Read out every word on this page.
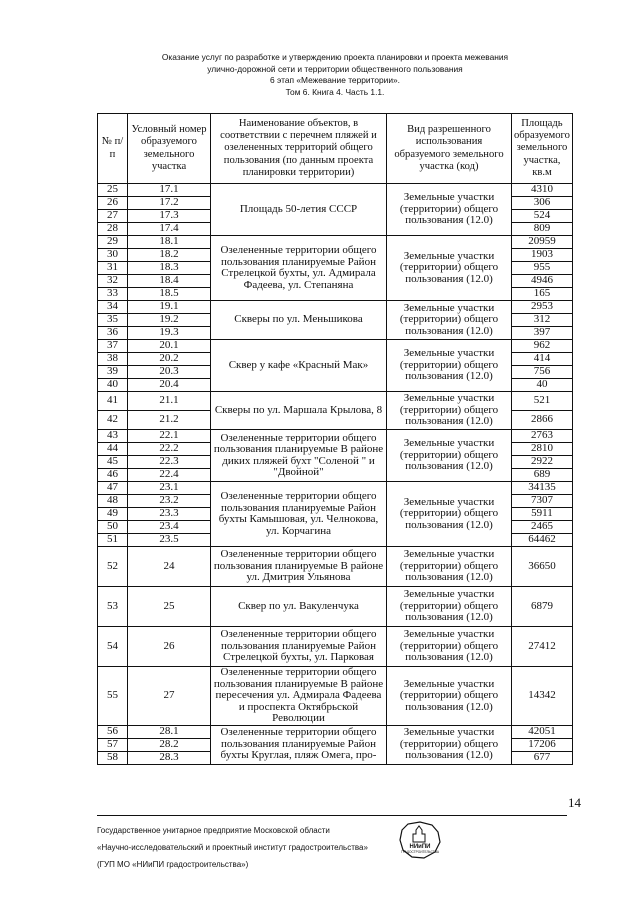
Оказание услуг по разработке и утверждению проекта планировки и проекта межевания
улично-дорожной сети и территории общественного пользования
6 этап «Межевание территории».
Том 6. Книга 4. Часть 1.1.
№ п/п	Условный номер образуемого земельного участка	Наименование объектов, в соответствии с перечнем пляжей и озелененных территорий общего пользования (по данным проекта планировки территории)	Вид разрешенного использования образуемого земельного участка (код)	Площадь образуемого земельного участка, кв.м
25	17.1	Площадь 50-летия СССР	Земельные участки (территории) общего пользования (12.0)	4310
26	17.2			306
27	17.3			524
28	17.4			809
29	18.1	Озелененные территории общего пользования планируемые Район Стрелецкой бухты, ул. Адмирала Фадеева, ул. Степаняна	Земельные участки (территории) общего пользования (12.0)	20959
30	18.2			1903
31	18.3			955
32	18.4			4946
33	18.5			165
34	19.1	Скверы по ул. Меньшикова	Земельные участки (территории) общего пользования (12.0)	2953
35	19.2			312
36	19.3			397
37	20.1	Сквер у кафе «Красный Мак»	Земельные участки (территории) общего пользования (12.0)	962
38	20.2			414
39	20.3			756
40	20.4			40
41	21.1	Скверы по ул. Маршала Крылова, 8	Земельные участки (территории) общего пользования (12.0)	521
42	21.2			2866
43	22.1	Озелененные территории общего пользования планируемые В районе диких пляжей бухт "Соленой " и "Двойной"	Земельные участки (территории) общего пользования (12.0)	2763
44	22.2			2810
45	22.3			2922
46	22.4			689
47	23.1	Озелененные территории общего пользования планируемые Район бухты Камышовая, ул. Челнокова, ул. Корчагина	Земельные участки (территории) общего пользования (12.0)	34135
48	23.2			7307
49	23.3			5911
50	23.4			2465
51	23.5			64462
52	24	Озелененные территории общего пользования планируемые В районе ул. Дмитрия Ульянова	Земельные участки (территории) общего пользования (12.0)	36650
53	25	Сквер по ул. Вакуленчука	Земельные участки (территории) общего пользования (12.0)	6879
54	26	Озелененные территории общего пользования планируемые Район Стрелецкой бухты, ул. Парковая	Земельные участки (территории) общего пользования (12.0)	27412
55	27	Озелененные территории общего пользования планируемые В районе пересечения ул. Адмирала Фадеева и проспекта Октябрьской Революции	Земельные участки (территории) общего пользования (12.0)	14342
56	28.1	Озелененные территории общего пользования планируемые Район бухты Круглая, пляж Омега, про-	Земельные участки (территории) общего пользования (12.0)	42051
57	28.2			17206
58	28.3			677
14
Государственное унитарное предприятие Московской области
«Научно-исследовательский и проектный институт градостроительства»
(ГУП МО «НИиПИ градостроительства»)
НИиПИ
ГРАДОСТРОИТЕЛЬСТВА
